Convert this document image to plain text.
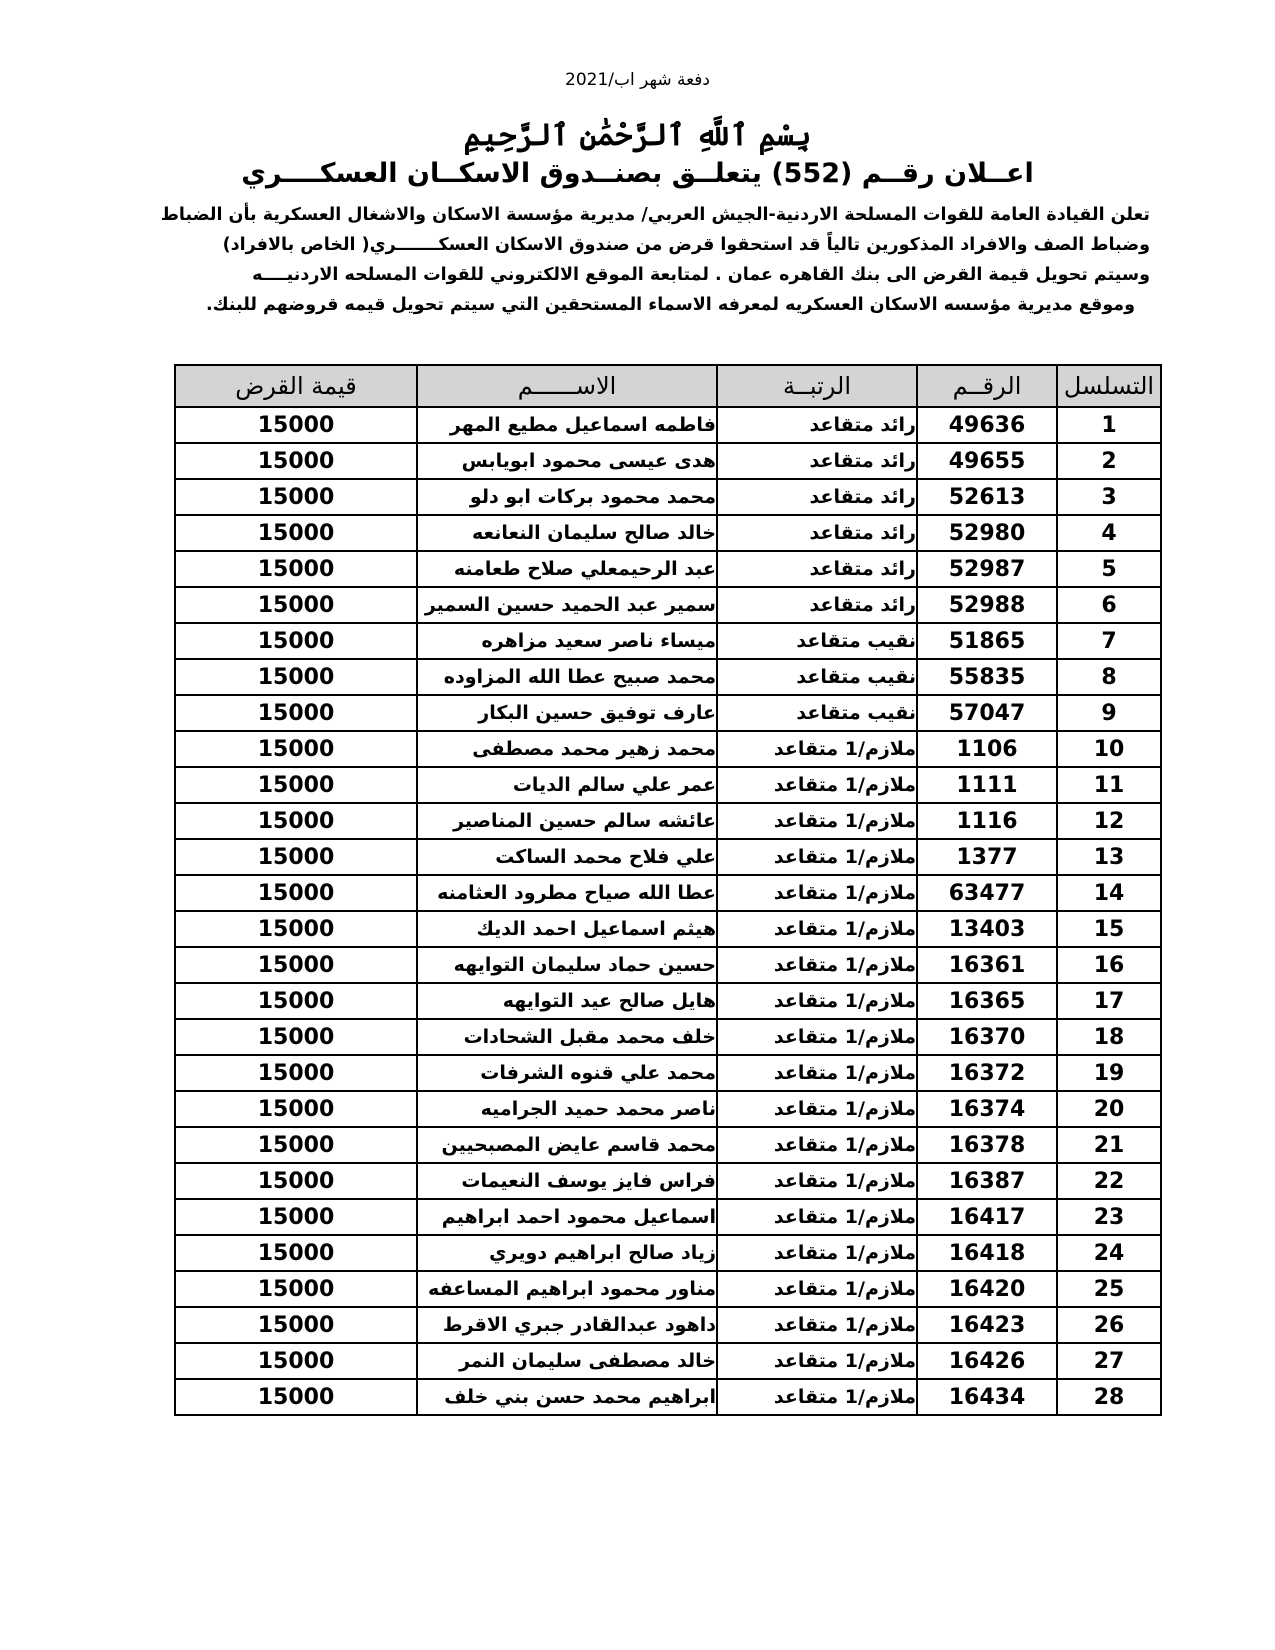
دفعة شهر اب/2021
بِسْمِ ٱللَّهِ ٱلرَّحْمَٰنِ ٱلرَّحِيمِ
اعــلان رقــم (552) يتعلــق بصنــدوق الاسكــان العسكــــري
تعلن القيادة العامة للقوات المسلحة الاردنية-الجيش العربي/ مديرية مؤسسة الاسكان والاشغال العسكرية بأن الضباط
وضباط الصف والافراد المذكورين تالياً قد استحقوا قرض من صندوق الاسكان العسكـــــــري( الخاص بالافراد)
وسيتم تحويل قيمة القرض الى بنك القاهره عمان . لمتابعة الموقع الالكتروني للقوات المسلحه الاردنيــــه
وموقع مديرية مؤسسه الاسكان العسكريه لمعرفه الاسماء المستحقين التي سيتم تحويل قيمه قروضهم للبنك.
التسلسل	الرقــم	الرتبــة	الاســــــم	قيمة القرض
1	49636	رائد متقاعد	فاطمه اسماعيل مطيع المهر	15000
2	49655	رائد متقاعد	هدى عيسى محمود ابويابس	15000
3	52613	رائد متقاعد	محمد محمود بركات ابو دلو	15000
4	52980	رائد متقاعد	خالد صالح سليمان النعانعه	15000
5	52987	رائد متقاعد	عبد الرحيمعلي صلاح طعامنه	15000
6	52988	رائد متقاعد	سمير عبد الحميد حسين السمير	15000
7	51865	نقيب متقاعد	ميساء ناصر سعيد مزاهره	15000
8	55835	نقيب متقاعد	محمد صبيح عطا الله المزاوده	15000
9	57047	نقيب متقاعد	عارف توفيق حسين البكار	15000
10	1106	ملازم/1 متقاعد	محمد زهير محمد مصطفى	15000
11	1111	ملازم/1 متقاعد	عمر علي سالم الديات	15000
12	1116	ملازم/1 متقاعد	عائشه سالم حسين المناصير	15000
13	1377	ملازم/1 متقاعد	علي فلاح محمد الساكت	15000
14	63477	ملازم/1 متقاعد	عطا الله صياح مطرود العثامنه	15000
15	13403	ملازم/1 متقاعد	هيثم اسماعيل احمد الديك	15000
16	16361	ملازم/1 متقاعد	حسين حماد سليمان التوايهه	15000
17	16365	ملازم/1 متقاعد	هايل صالح عيد التوايهه	15000
18	16370	ملازم/1 متقاعد	خلف محمد مقبل الشحادات	15000
19	16372	ملازم/1 متقاعد	محمد علي قنوه الشرفات	15000
20	16374	ملازم/1 متقاعد	ناصر محمد حميد الجراميه	15000
21	16378	ملازم/1 متقاعد	محمد قاسم عايض المصبحيين	15000
22	16387	ملازم/1 متقاعد	فراس فايز يوسف النعيمات	15000
23	16417	ملازم/1 متقاعد	اسماعيل محمود احمد ابراهيم	15000
24	16418	ملازم/1 متقاعد	زياد صالح ابراهيم دويري	15000
25	16420	ملازم/1 متقاعد	مناور محمود ابراهيم المساعفه	15000
26	16423	ملازم/1 متقاعد	داهود عبدالقادر جبري الاقرط	15000
27	16426	ملازم/1 متقاعد	خالد مصطفى سليمان النمر	15000
28	16434	ملازم/1 متقاعد	ابراهيم محمد حسن بني خلف	15000
